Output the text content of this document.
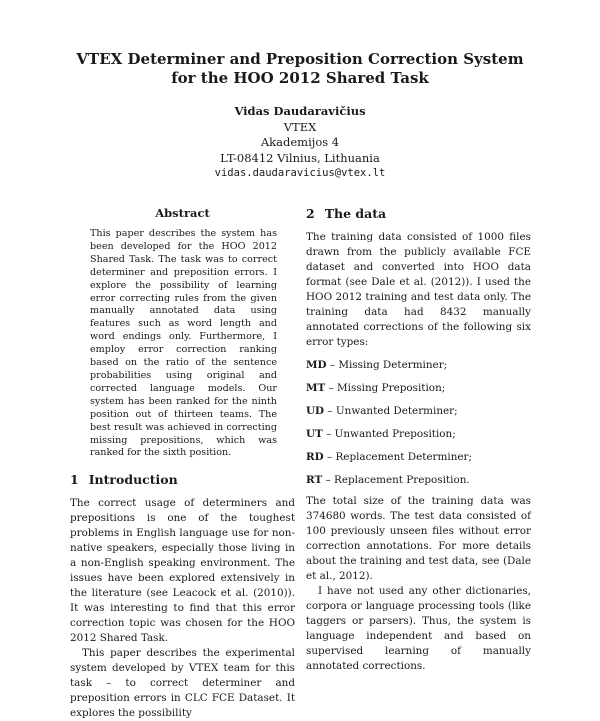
VTEX Determiner and Preposition Correction System
for the HOO 2012 Shared Task
Vidas Daudaravičius
VTEX
Akademijos 4
LT-08412 Vilnius, Lithuania
vidas.daudaravicius@vtex.lt
Abstract

This paper describes the system has been developed for the HOO 2012 Shared Task. The task was to correct determiner and preposition errors. I explore the possibility of learning error correcting rules from the given manually annotated data using features such as word length and word endings only. Furthermore, I employ error correction ranking based on the ratio of the sentence probabilities using original and corrected language models. Our system has been ranked for the ninth position out of thirteen teams. The best result was achieved in correcting missing prepositions, which was ranked for the sixth position.

1 Introduction

The correct usage of determiners and prepositions is one of the toughest problems in English language use for non-native speakers, especially those living in a non-English speaking environment. The issues have been explored extensively in the literature (see Leacock et al. (2010)). It was interesting to find that this error correction topic was chosen for the HOO 2012 Shared Task.

This paper describes the experimental system developed by VTEX team for this task – to correct determiner and preposition errors in CLC FCE Dataset. It explores the possibility

2 The data

The training data consisted of 1000 files drawn from the publicly available FCE dataset and converted into HOO data format (see Dale et al. (2012)). I used the HOO 2012 training and test data only. The training data had 8432 manually annotated corrections of the following six error types:

MD – Missing Determiner;
MT – Missing Preposition;
UD – Unwanted Determiner;
UT – Unwanted Preposition;
RD – Replacement Determiner;
RT – Replacement Preposition.

The total size of the training data was 374680 words. The test data consisted of 100 previously unseen files without error correction annotations. For more details about the training and test data, see (Dale et al., 2012).

I have not used any other dictionaries, corpora or language processing tools (like taggers or parsers). Thus, the system is language independent and based on supervised learning of manually annotated corrections.
